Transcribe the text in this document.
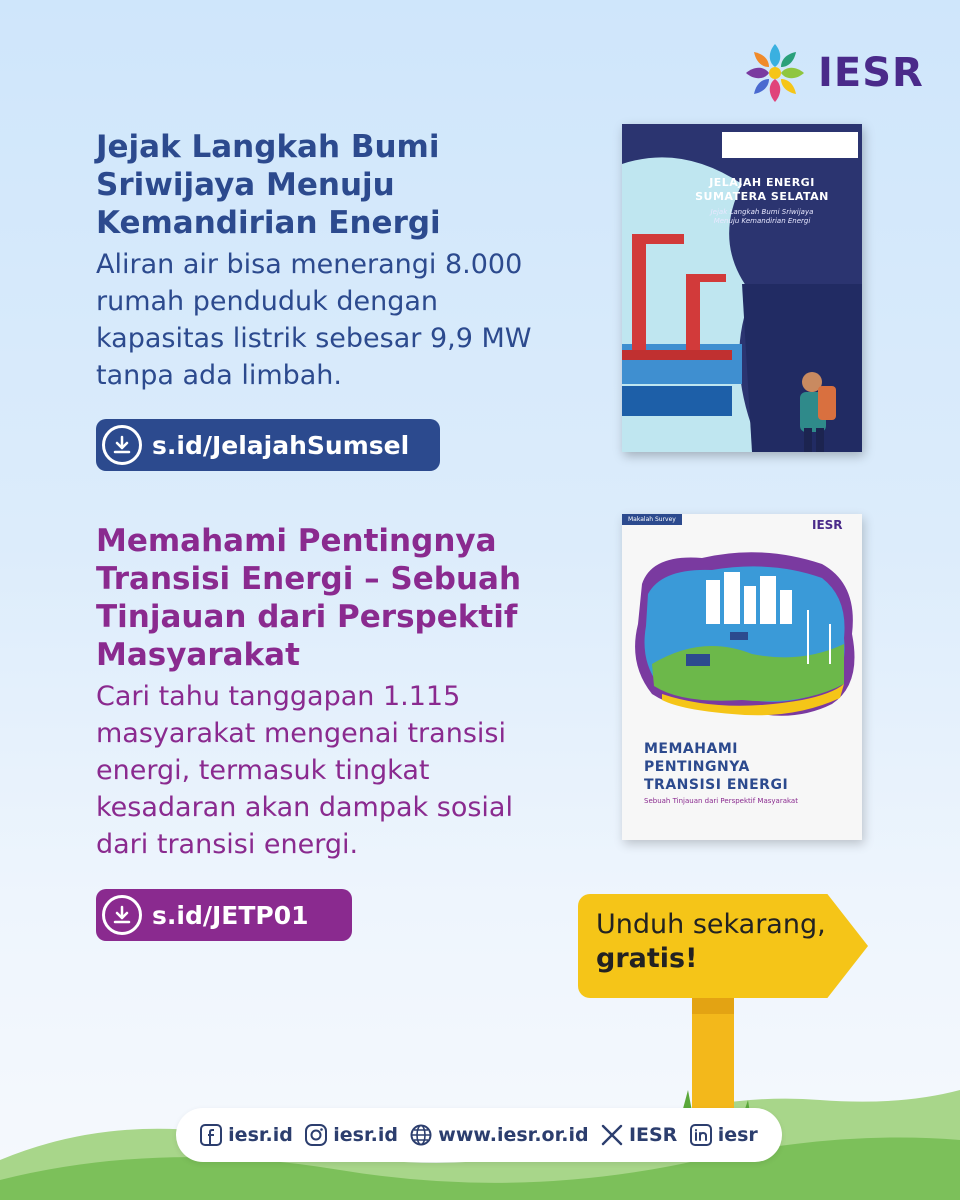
IESR
Jejak Langkah Bumi
Sriwijaya Menuju
Kemandirian Energi
Aliran air bisa menerangi 8.000
rumah penduduk dengan
kapasitas listrik sebesar 9,9 MW
tanpa ada limbah.
s.id/JelajahSumsel
JELAJAH ENERGI
SUMATERA SELATAN
Jejak Langkah Bumi Sriwijaya
Menuju Kemandirian Energi
Memahami Pentingnya
Transisi Energi – Sebuah
Tinjauan dari Perspektif
Masyarakat
Cari tahu tanggapan 1.115
masyarakat mengenai transisi
energi, termasuk tingkat
kesadaran akan dampak sosial
dari transisi energi.
s.id/JETP01
Makalah Survey	IESR
MEMAHAMI
PENTINGNYA
TRANSISI ENERGI
Sebuah Tinjauan dari Perspektif Masyarakat
Unduh sekarang,
gratis!
iesr.id iesr.id www.iesr.or.id IESR iesr
